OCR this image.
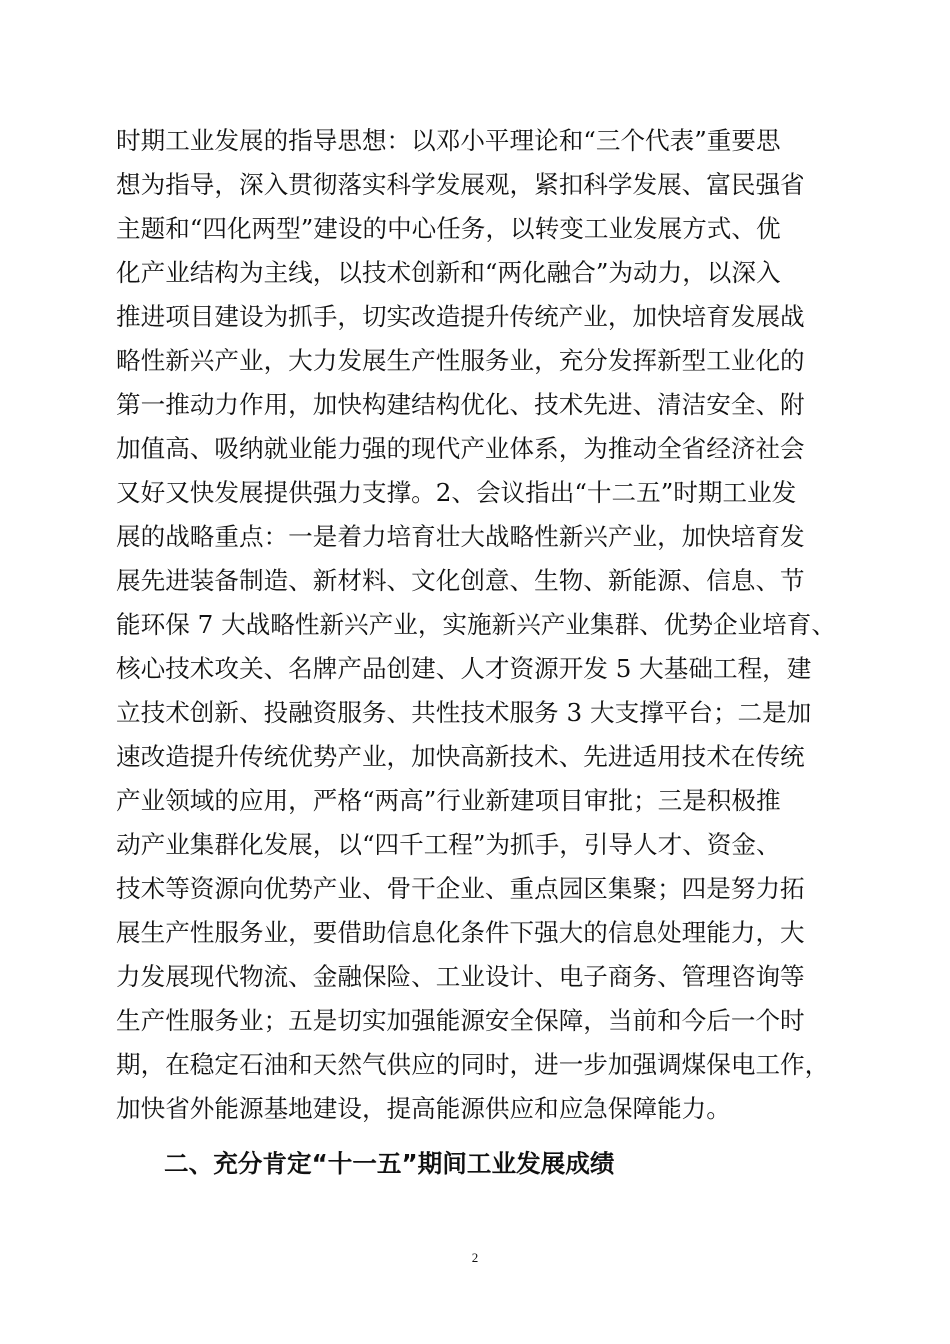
时期工业发展的指导思想：以邓小平理论和“三个代表”重要思
想为指导，深入贯彻落实科学发展观，紧扣科学发展、富民强省
主题和“四化两型”建设的中心任务，以转变工业发展方式、优
化产业结构为主线，以技术创新和“两化融合”为动力，以深入
推进项目建设为抓手，切实改造提升传统产业，加快培育发展战
略性新兴产业，大力发展生产性服务业，充分发挥新型工业化的
第一推动力作用，加快构建结构优化、技术先进、清洁安全、附
加值高、吸纳就业能力强的现代产业体系，为推动全省经济社会
又好又快发展提供强力支撑。2、会议指出“十二五”时期工业发
展的战略重点：一是着力培育壮大战略性新兴产业，加快培育发
展先进装备制造、新材料、文化创意、生物、新能源、信息、节
能环保 7 大战略性新兴产业，实施新兴产业集群、优势企业培育、
核心技术攻关、名牌产品创建、人才资源开发 5 大基础工程，建
立技术创新、投融资服务、共性技术服务 3 大支撑平台；二是加
速改造提升传统优势产业，加快高新技术、先进适用技术在传统
产业领域的应用，严格“两高”行业新建项目审批；三是积极推
动产业集群化发展，以“四千工程”为抓手，引导人才、资金、
技术等资源向优势产业、骨干企业、重点园区集聚；四是努力拓
展生产性服务业，要借助信息化条件下强大的信息处理能力，大
力发展现代物流、金融保险、工业设计、电子商务、管理咨询等
生产性服务业；五是切实加强能源安全保障，当前和今后一个时
期，在稳定石油和天然气供应的同时，进一步加强调煤保电工作，
加快省外能源基地建设，提高能源供应和应急保障能力。
二、充分肯定“十一五”期间工业发展成绩
2
